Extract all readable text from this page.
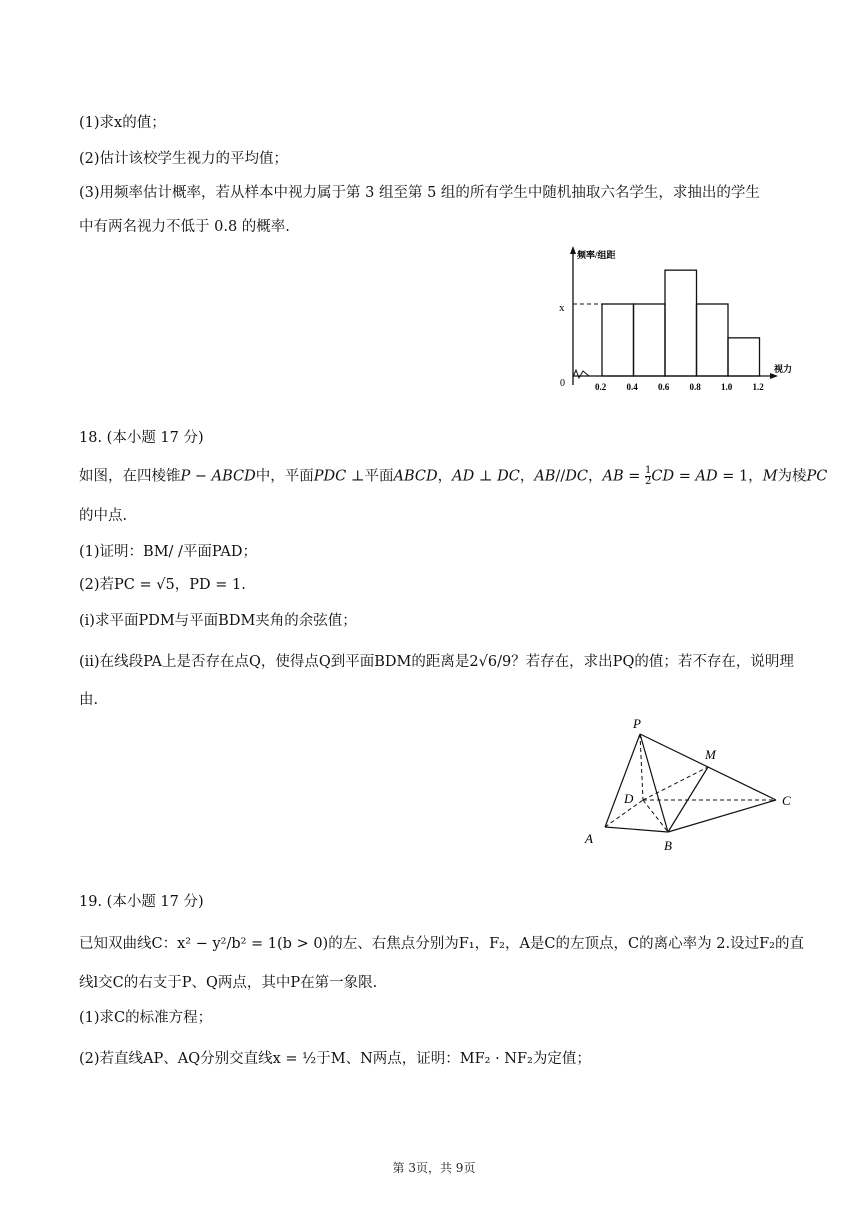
(1)求x的值；
(2)估计该校学生视力的平均值；
(3)用频率估计概率，若从样本中视力属于第 3 组至第 5 组的所有学生中随机抽取六名学生，求抽出的学生
中有两名视力不低于 0.8 的概率.
频率/组距
视力
0
x
0.2 0.4 0.6 0.8 1.0 1.2
18. (本小题 17 分)
如图，在四棱锥P − ABCD中，平面PDC ⊥平面ABCD，AD ⊥ DC，AB//DC，AB = $\frac{1}{2}$ CD = AD = 1，M为棱PC
的中点.
(1)证明：BM/ /平面PAD；
(2)若PC = √5，PD = 1.
(i)求平面PDM与平面BDM夹角的余弦值；
(ii)在线段PA上是否存在点Q，使得点Q到平面BDM的距离是2√6/9？若存在，求出PQ的值；若不存在，说明理
由.
P
M
D	C
A	B
19. (本小题 17 分)
已知双曲线C：x² − y²/b² = 1(b > 0)的左、右焦点分别为F₁，F₂，A是C的左顶点，C的离心率为 2.设过F₂的直
线l交C的右支于P、Q两点，其中P在第一象限.
(1)求C的标准方程；
(2)若直线AP、AQ分别交直线x = ½于M、N两点，证明：MF₂ · NF₂为定值；
第 3页，共 9页
